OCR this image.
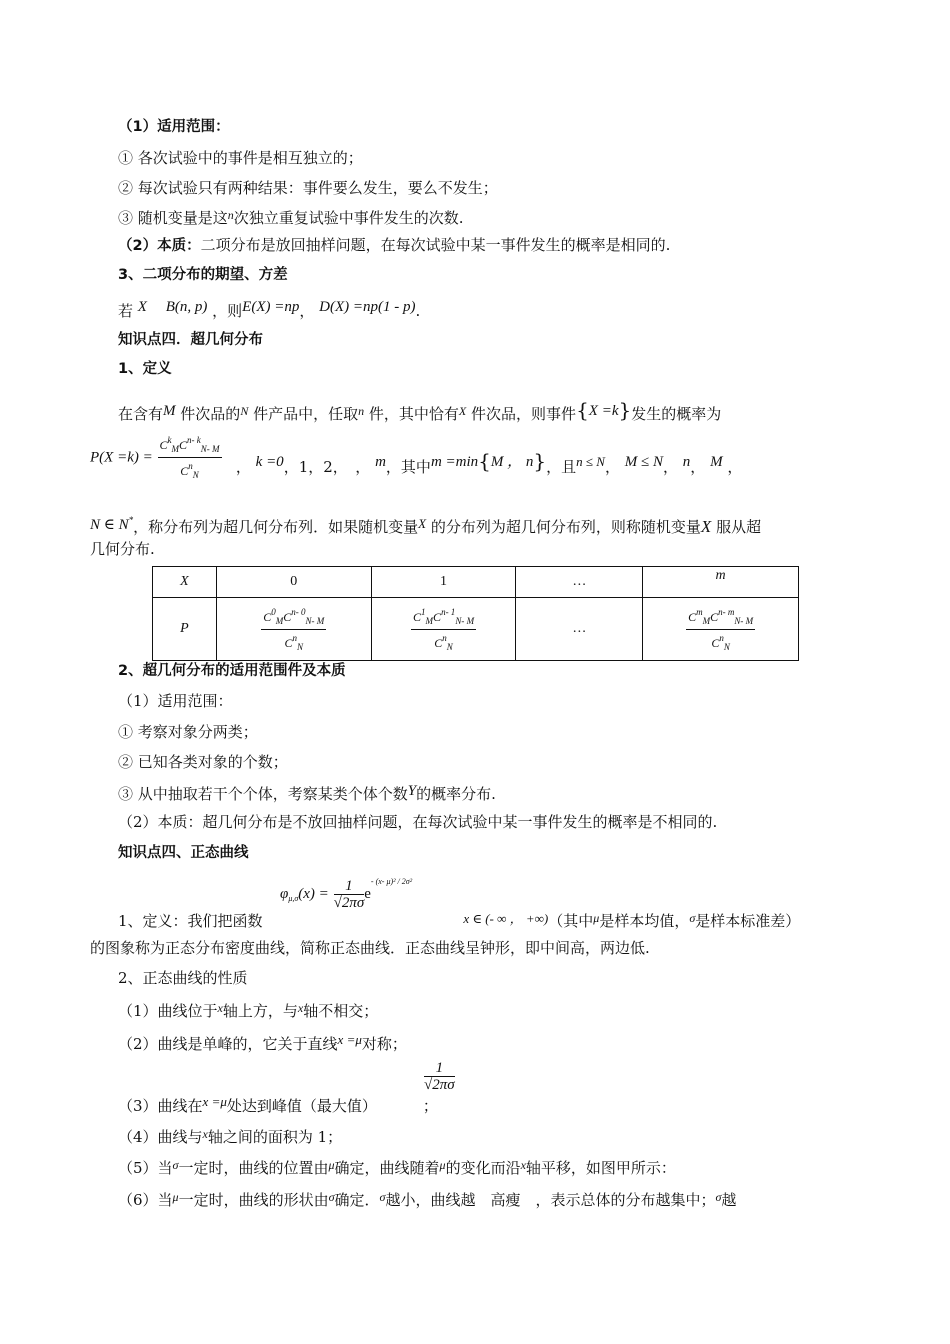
（1）适用范围：
① 各次试验中的事件是相互独立的；
② 每次试验只有两种结果：事件要么发生，要么不发生；
③ 随机变量是这$^n$次独立重复试验中事件发生的次数.
（2）本质：二项分布是放回抽样问题，在每次试验中某一事件发生的概率是相同的.
3、二项分布的期望、方差
若 X　 B(n, p) ，则E(X) =np， D(X) =np(1 - p).
知识点四．超几何分布
1、定义
在含有M 件次品的$^N$ 件产品中，任取$^n$ 件，其中恰有$^X$ 件次品，则事件{X =k}发生的概率为
$P(X =k) = \frac{C^k_MC^{n- k}_{N- M}}{C^n_N}$ ， k =0，1，2，　， m，其中m =min{M ， n}，且n ≤ N， M ≤ N， n， M ，
N ∈ N*，称分布列为超几何分布列．如果随机变量X 的分布列为超几何分布列，则称随机变量X 服从超
几何分布.
X	0	1	…	m
P	$\frac{C^0_MC^{n- 0}_{N- M}}{C^n_N}$	$\frac{C^1_MC^{n- 1}_{N- M}}{C^n_N}$	…	$\frac{C^m_MC^{n- m}_{N- M}}{C^n_N}$
2、超几何分布的适用范围件及本质
（1）适用范围：
① 考察对象分两类；
② 已知各类对象的个数；
③ 从中抽取若干个个体，考察某类个体个数Y的概率分布.
（2）本质：超几何分布是不放回抽样问题，在每次试验中某一事件发生的概率是不相同的.
知识点四、正态曲线
$\varphi_{\mu,\sigma}(x) = \frac{1}{√2\pi\sigma} e^{- (x- \mu)^2 / 2\sigma^2}$
1、定义：我们把函数	x ∈ (- ∞ ， +∞)（其中$^\mu$是样本均值，$^\sigma$是样本标准差）
的图象称为正态分布密度曲线，简称正态曲线．正态曲线呈钟形，即中间高，两边低.
2、正态曲线的性质
（1）曲线位于$^x$轴上方，与$^x$轴不相交；
（2）曲线是单峰的，它关于直线x =μ对称；
$\frac{1}{√2\pi\sigma}$
（3）曲线在x =μ处达到峰值（最大值）	；
（4）曲线与$^x$轴之间的面积为 1；
（5）当$^\sigma$一定时，曲线的位置由$^\mu$确定，曲线随着$^\mu$的变化而沿$^x$轴平移，如图甲所示：
（6）当$^\mu$一定时，曲线的形状由$^\sigma$确定．$^\sigma$越小，曲线越　高瘦　，表示总体的分布越集中；$^\sigma$越
